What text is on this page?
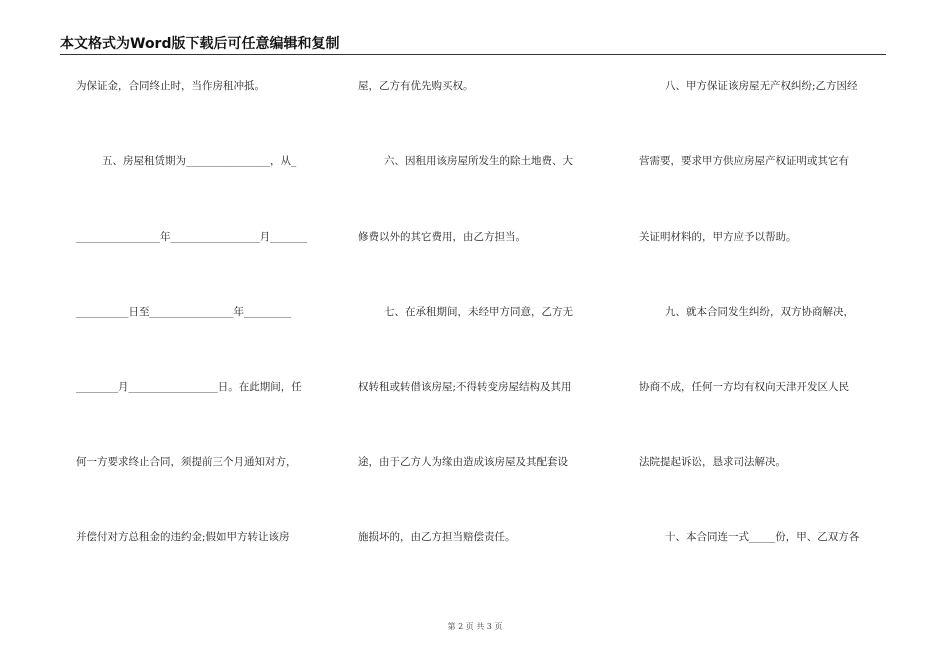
本文格式为Word版下载后可任意编辑和复制
为保证金，合同终止时，当作房租冲抵。
五、房屋租赁期为________________，从_
________________年_________________月_______
__________日至________________年_________
________月_________________日。在此期间，任
何一方要求终止合同，须提前三个月通知对方，
并偿付对方总租金的违约金;假如甲方转让该房
屋，乙方有优先购买权。
六、因租用该房屋所发生的除土地费、大
修费以外的其它费用，由乙方担当。
七、在承租期间，未经甲方同意，乙方无
权转租或转借该房屋;不得转变房屋结构及其用
途，由于乙方人为缘由造成该房屋及其配套设
施损坏的，由乙方担当赔偿责任。
八、甲方保证该房屋无产权纠纷;乙方因经
营需要，要求甲方供应房屋产权证明或其它有
关证明材料的，甲方应予以帮助。
九、就本合同发生纠纷，双方协商解决，
协商不成，任何一方均有权向天津开发区人民
法院提起诉讼，恳求司法解决。
十、本合同连一式_____份，甲、乙双方各
第 2 页 共 3 页
